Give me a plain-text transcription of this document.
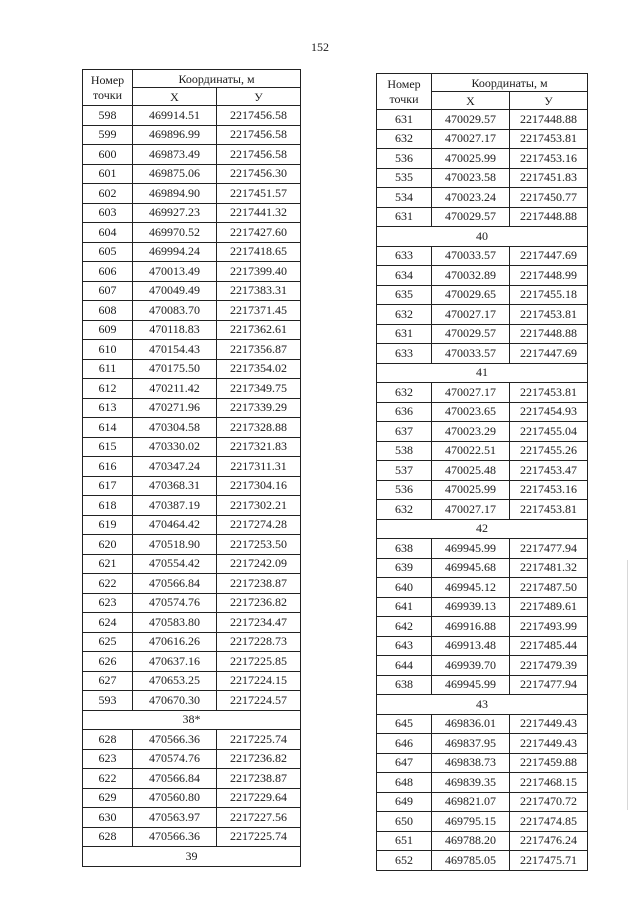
152
Номер точки	Координаты, м	
	Х	У
598	469914.51	2217456.58
599	469896.99	2217456.58
600	469873.49	2217456.58
601	469875.06	2217456.30
602	469894.90	2217451.57
603	469927.23	2217441.32
604	469970.52	2217427.60
605	469994.24	2217418.65
606	470013.49	2217399.40
607	470049.49	2217383.31
608	470083.70	2217371.45
609	470118.83	2217362.61
610	470154.43	2217356.87
611	470175.50	2217354.02
612	470211.42	2217349.75
613	470271.96	2217339.29
614	470304.58	2217328.88
615	470330.02	2217321.83
616	470347.24	2217311.31
617	470368.31	2217304.16
618	470387.19	2217302.21
619	470464.42	2217274.28
620	470518.90	2217253.50
621	470554.42	2217242.09
622	470566.84	2217238.87
623	470574.76	2217236.82
624	470583.80	2217234.47
625	470616.26	2217228.73
626	470637.16	2217225.85
627	470653.25	2217224.15
593	470670.30	2217224.57
38*		
628	470566.36	2217225.74
623	470574.76	2217236.82
622	470566.84	2217238.87
629	470560.80	2217229.64
630	470563.97	2217227.56
628	470566.36	2217225.74
39		
Номер точки	Координаты, м	
	Х	У
631	470029.57	2217448.88
632	470027.17	2217453.81
536	470025.99	2217453.16
535	470023.58	2217451.83
534	470023.24	2217450.77
631	470029.57	2217448.88
40		
633	470033.57	2217447.69
634	470032.89	2217448.99
635	470029.65	2217455.18
632	470027.17	2217453.81
631	470029.57	2217448.88
633	470033.57	2217447.69
41		
632	470027.17	2217453.81
636	470023.65	2217454.93
637	470023.29	2217455.04
538	470022.51	2217455.26
537	470025.48	2217453.47
536	470025.99	2217453.16
632	470027.17	2217453.81
42		
638	469945.99	2217477.94
639	469945.68	2217481.32
640	469945.12	2217487.50
641	469939.13	2217489.61
642	469916.88	2217493.99
643	469913.48	2217485.44
644	469939.70	2217479.39
638	469945.99	2217477.94
43		
645	469836.01	2217449.43
646	469837.95	2217449.43
647	469838.73	2217459.88
648	469839.35	2217468.15
649	469821.07	2217470.72
650	469795.15	2217474.85
651	469788.20	2217476.24
652	469785.05	2217475.71
